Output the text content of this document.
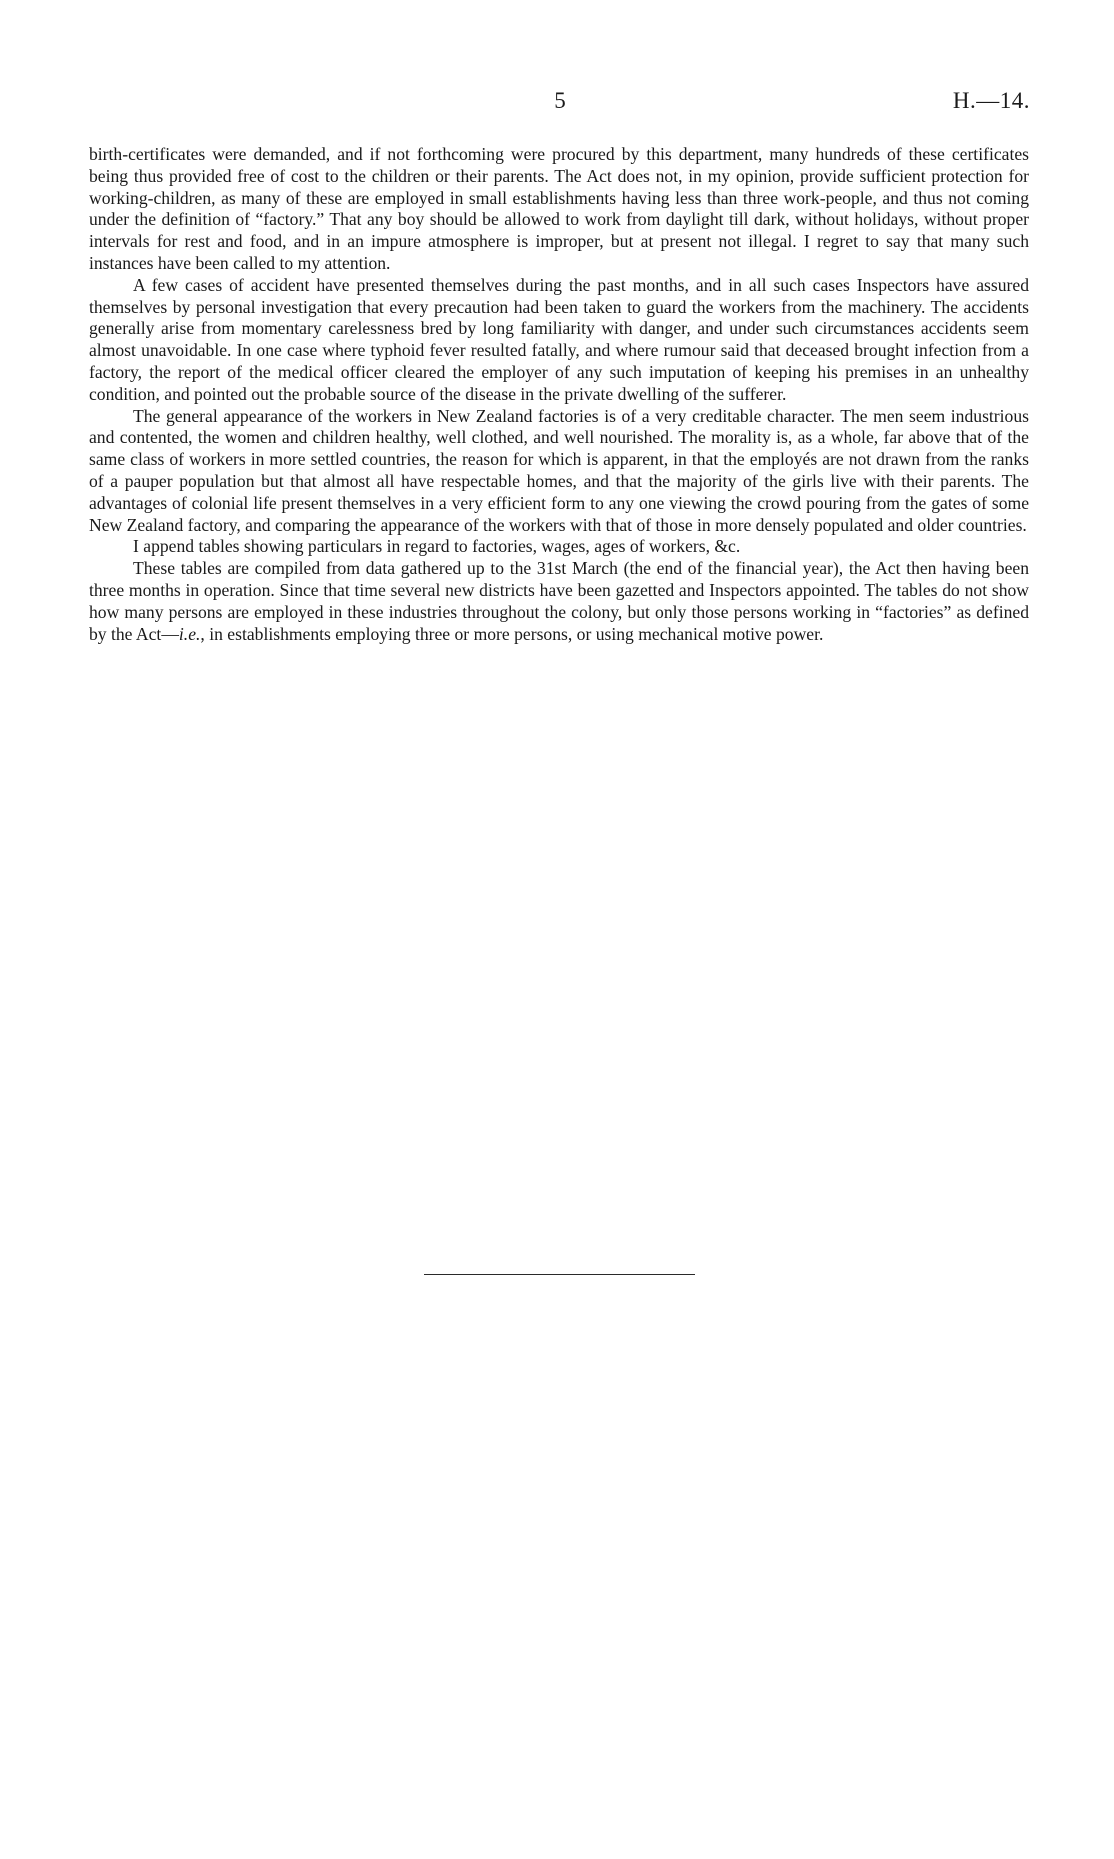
5	H.—14.

birth-certificates were demanded, and if not forthcoming were procured by this department, many hundreds of these certificates being thus provided free of cost to the children or their parents. The Act does not, in my opinion, provide sufficient protection for working-children, as many of these are employed in small establishments having less than three work-people, and thus not coming under the definition of “factory.” That any boy should be allowed to work from daylight till dark, without holidays, without proper intervals for rest and food, and in an impure atmosphere is improper, but at present not illegal. I regret to say that many such instances have been called to my attention.

A few cases of accident have presented themselves during the past months, and in all such cases Inspectors have assured themselves by personal investigation that every precaution had been taken to guard the workers from the machinery. The accidents generally arise from momentary carelessness bred by long familiarity with danger, and under such circumstances accidents seem almost unavoidable. In one case where typhoid fever resulted fatally, and where rumour said that deceased brought infection from a factory, the report of the medical officer cleared the employer of any such imputation of keeping his premises in an unhealthy condition, and pointed out the probable source of the disease in the private dwelling of the sufferer.

The general appearance of the workers in New Zealand factories is of a very creditable character. The men seem industrious and contented, the women and children healthy, well clothed, and well nourished. The morality is, as a whole, far above that of the same class of workers in more settled countries, the reason for which is apparent, in that the employés are not drawn from the ranks of a pauper population but that almost all have respectable homes, and that the majority of the girls live with their parents. The advantages of colonial life present themselves in a very efficient form to any one viewing the crowd pouring from the gates of some New Zealand factory, and comparing the appearance of the workers with that of those in more densely populated and older countries.

I append tables showing particulars in regard to factories, wages, ages of workers, &c.

These tables are compiled from data gathered up to the 31st March (the end of the financial year), the Act then having been three months in operation. Since that time several new districts have been gazetted and Inspectors appointed. The tables do not show how many persons are employed in these industries throughout the colony, but only those persons working in “factories” as defined by the Act—i.e., in establishments employing three or more persons, or using mechanical motive power.
